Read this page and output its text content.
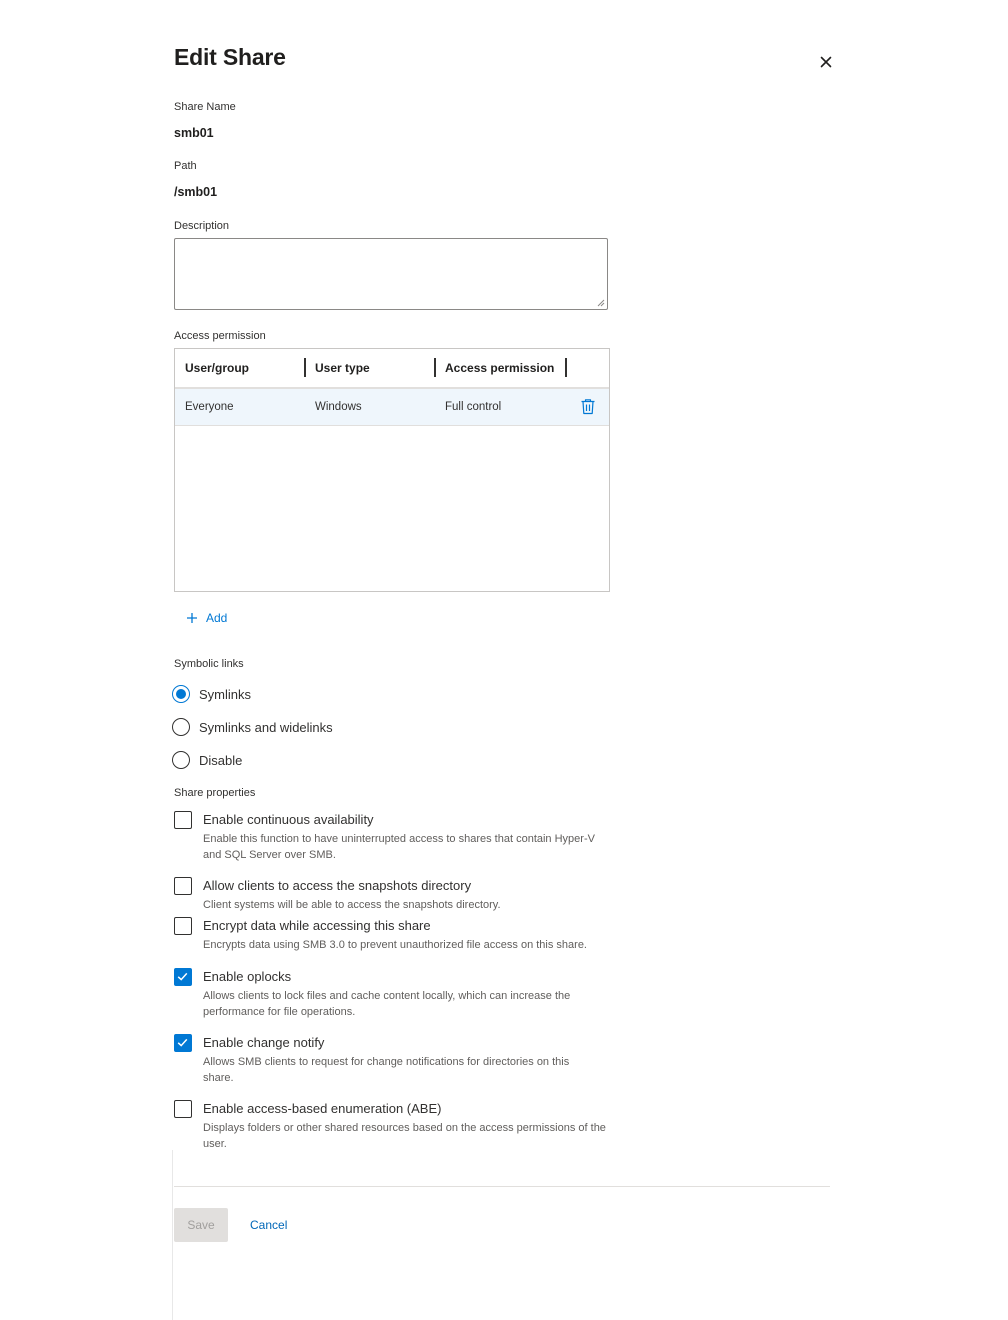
Edit Share
Share Name
smb01
Path
/smb01
Description
Access permission
User/group	User type	Access permission
Everyone	Windows	Full control
Add
Symbolic links
Symlinks
Symlinks and widelinks
Disable
Share properties
Enable continuous availability
Enable this function to have uninterrupted access to shares that contain Hyper-V
and SQL Server over SMB.
Allow clients to access the snapshots directory
Client systems will be able to access the snapshots directory.
Encrypt data while accessing this share
Encrypts data using SMB 3.0 to prevent unauthorized file access on this share.
Enable oplocks
Allows clients to lock files and cache content locally, which can increase the
performance for file operations.
Enable change notify
Allows SMB clients to request for change notifications for directories on this
share.
Enable access-based enumeration (ABE)
Displays folders or other shared resources based on the access permissions of the
user.
Save	Cancel
